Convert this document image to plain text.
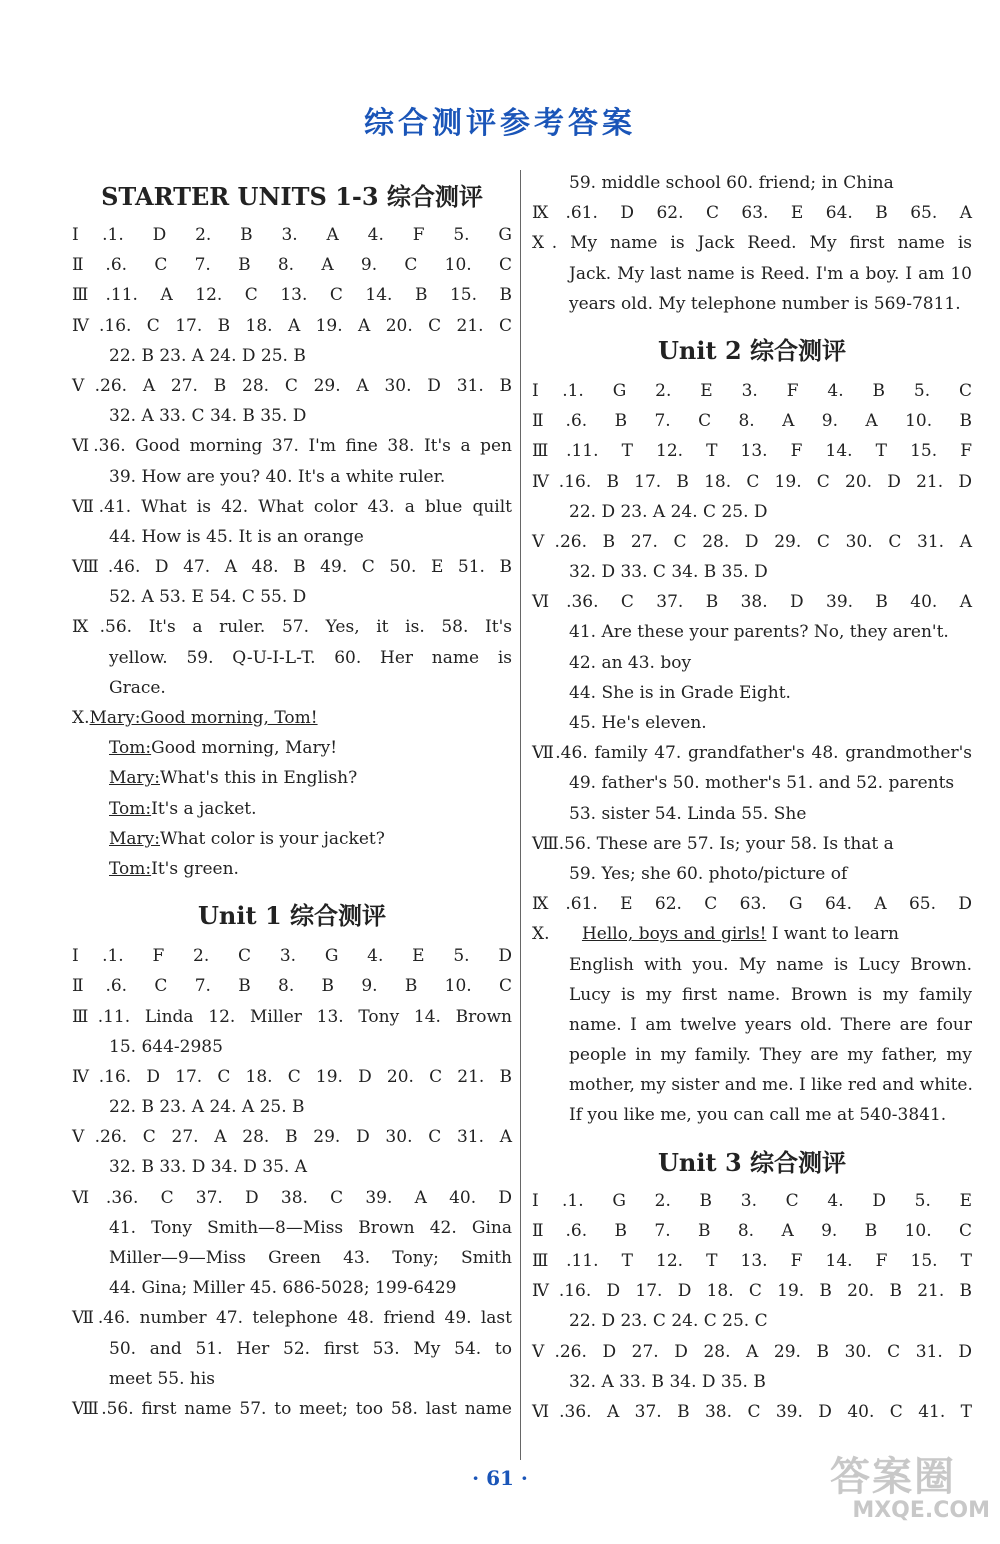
综合测评参考答案
STARTER UNITS 1-3 综合测评
Ⅰ.1. D 2. B 3. A 4. F 5. G
Ⅱ.6. C 7. B 8. A 9. C 10. C
Ⅲ.11. A 12. C 13. C 14. B 15. B
Ⅳ.16. C 17. B 18. A 19. A 20. C 21. C
22. B 23. A 24. D 25. B
Ⅴ.26. A 27. B 28. C 29. A 30. D 31. B
32. A 33. C 34. B 35. D
Ⅵ.36. Good morning 37. I'm fine 38. It's a pen
39. How are you? 40. It's a white ruler.
Ⅶ.41. What is 42. What color 43. a blue quilt
44. How is 45. It is an orange
Ⅷ.46. D 47. A 48. B 49. C 50. E 51. B
52. A 53. E 54. C 55. D
Ⅸ.56. It's a ruler. 57. Yes, it is. 58. It's
yellow. 59. Q-U-I-L-T. 60. Her name is
Grace.
Ⅹ.Mary:Good morning, Tom!
Tom:Good morning, Mary!
Mary:What's this in English?
Tom:It's a jacket.
Mary:What color is your jacket?
Tom:It's green.
Unit 1 综合测评
Ⅰ.1. F 2. C 3. G 4. E 5. D
Ⅱ.6. C 7. B 8. B 9. B 10. C
Ⅲ.11. Linda 12. Miller 13. Tony 14. Brown
15. 644-2985
Ⅳ.16. D 17. C 18. C 19. D 20. C 21. B
22. B 23. A 24. A 25. B
Ⅴ.26. C 27. A 28. B 29. D 30. C 31. A
32. B 33. D 34. D 35. A
Ⅵ.36. C 37. D 38. C 39. A 40. D
41. Tony Smith—8—Miss Brown 42. Gina
Miller—9—Miss Green 43. Tony; Smith
44. Gina; Miller 45. 686-5028; 199-6429
Ⅶ.46. number 47. telephone 48. friend 49. last
50. and 51. Her 52. first 53. My 54. to
meet 55. his
Ⅷ.56. first name 57. to meet; too 58. last name
59. middle school 60. friend; in China
Ⅸ.61. D 62. C 63. E 64. B 65. A
Ⅹ. My name is Jack Reed. My first name is
Jack. My last name is Reed. I'm a boy. I am 10
years old. My telephone number is 569-7811.
Unit 2 综合测评
Ⅰ.1. G 2. E 3. F 4. B 5. C
Ⅱ.6. B 7. C 8. A 9. A 10. B
Ⅲ.11. T 12. T 13. F 14. T 15. F
Ⅳ.16. B 17. B 18. C 19. C 20. D 21. D
22. D 23. A 24. C 25. D
Ⅴ.26. B 27. C 28. D 29. C 30. C 31. A
32. D 33. C 34. B 35. D
Ⅵ.36. C 37. B 38. D 39. B 40. A
41. Are these your parents? No, they aren't.
42. an 43. boy
44. She is in Grade Eight.
45. He's eleven.
Ⅶ.46. family 47. grandfather's 48. grandmother's
49. father's 50. mother's 51. and 52. parents
53. sister 54. Linda 55. She
Ⅷ.56. These are 57. Is; your 58. Is that a
59. Yes; she 60. photo/picture of
Ⅸ.61. E 62. C 63. G 64. A 65. D
Ⅹ.      Hello, boys and girls! I want to learn
English with you. My name is Lucy Brown.
Lucy is my first name. Brown is my family
name. I am twelve years old. There are four
people in my family. They are my father, my
mother, my sister and me. I like red and white.
If you like me, you can call me at 540-3841.
Unit 3 综合测评
Ⅰ.1. G 2. B 3. C 4. D 5. E
Ⅱ.6. B 7. B 8. A 9. B 10. C
Ⅲ.11. T 12. T 13. F 14. F 15. T
Ⅳ.16. D 17. D 18. C 19. B 20. B 21. B
22. D 23. C 24. C 25. C
Ⅴ.26. D 27. D 28. A 29. B 30. C 31. D
32. A 33. B 34. D 35. B
Ⅵ.36. A 37. B 38. C 39. D 40. C 41. T
· 61 ·	答案圈
MXQE.COM
